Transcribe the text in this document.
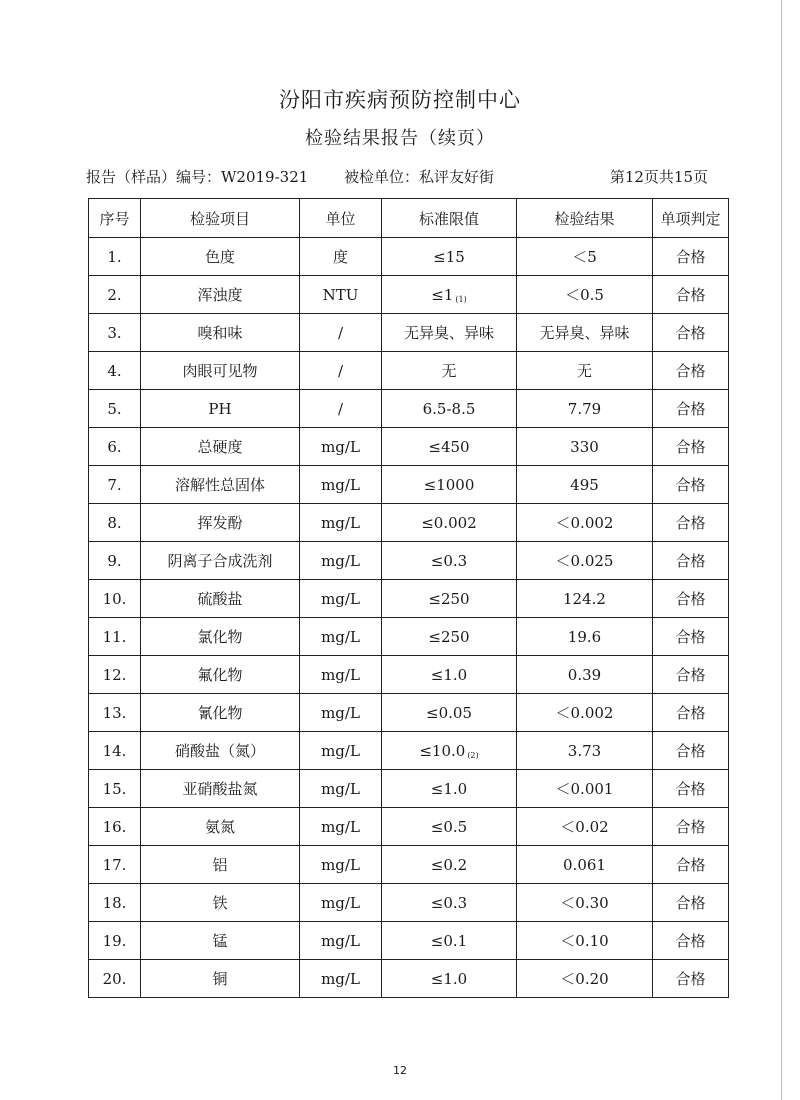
汾阳市疾病预防控制中心
检验结果报告（续页）
报告（样品）编号：W2019-321 被检单位：私评友好街	第12页共15页
序号	检验项目	单位	标准限值	检验结果	单项判定
1.	色度	度	≤15	＜5	合格
2.	浑浊度	NTU	≤1 $_{(1)}$	＜0.5	合格
3.	嗅和味	/	无异臭、异味	无异臭、异味	合格
4.	肉眼可见物	/	无	无	合格
5.	PH	/	6.5-8.5	7.79	合格
6.	总硬度	mg/L	≤450	330	合格
7.	溶解性总固体	mg/L	≤1000	495	合格
8.	挥发酚	mg/L	≤0.002	＜0.002	合格
9.	阴离子合成洗剂	mg/L	≤0.3	＜0.025	合格
10.	硫酸盐	mg/L	≤250	124.2	合格
11.	氯化物	mg/L	≤250	19.6	合格
12.	氟化物	mg/L	≤1.0	0.39	合格
13.	氰化物	mg/L	≤0.05	＜0.002	合格
14.	硝酸盐（氮）	mg/L	≤10.0 $_{(2)}$	3.73	合格
15.	亚硝酸盐氮	mg/L	≤1.0	＜0.001	合格
16.	氨氮	mg/L	≤0.5	＜0.02	合格
17.	铝	mg/L	≤0.2	0.061	合格
18.	铁	mg/L	≤0.3	＜0.30	合格
19.	锰	mg/L	≤0.1	＜0.10	合格
20.	铜	mg/L	≤1.0	＜0.20	合格
12
